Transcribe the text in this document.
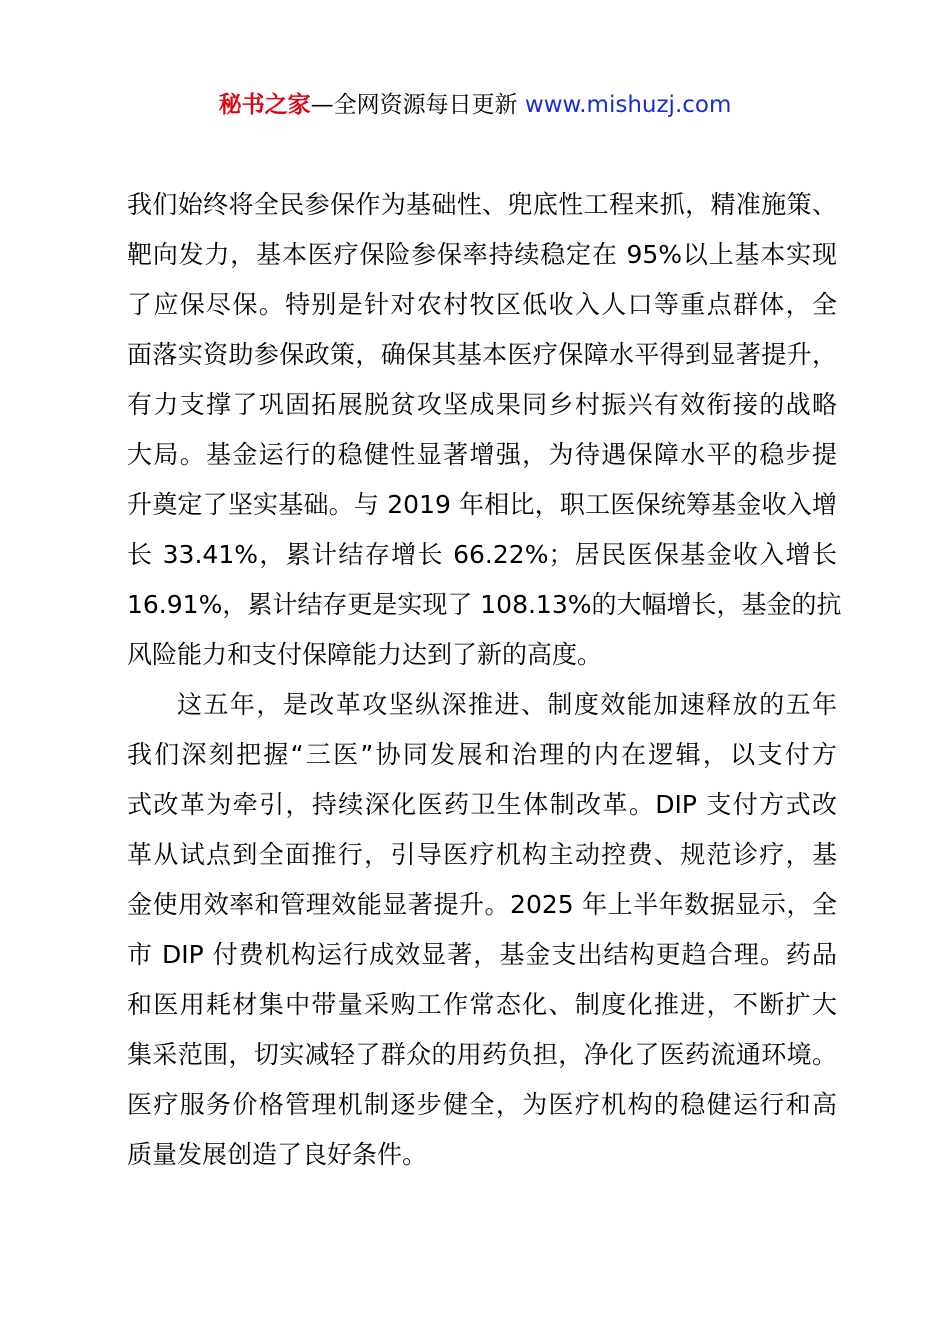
秘书之家—全网资源每日更新 www.mishuzj.com
我们始终将全民参保作为基础性、兜底性工程来抓，精准施策、
靶向发力，基本医疗保险参保率持续稳定在 95%以上基本实现
了应保尽保。特别是针对农村牧区低收入人口等重点群体，全
面落实资助参保政策，确保其基本医疗保障水平得到显著提升，
有力支撑了巩固拓展脱贫攻坚成果同乡村振兴有效衔接的战略
大局。基金运行的稳健性显著增强，为待遇保障水平的稳步提
升奠定了坚实基础。与 2019 年相比，职工医保统筹基金收入增
长 33.41%，累计结存增长 66.22%；居民医保基金收入增长
16.91%，累计结存更是实现了 108.13%的大幅增长，基金的抗
风险能力和支付保障能力达到了新的高度。
这五年，是改革攻坚纵深推进、制度效能加速释放的五年
我们深刻把握“三医”协同发展和治理的内在逻辑，以支付方
式改革为牵引，持续深化医药卫生体制改革。DIP 支付方式改
革从试点到全面推行，引导医疗机构主动控费、规范诊疗，基
金使用效率和管理效能显著提升。2025 年上半年数据显示，全
市 DIP 付费机构运行成效显著，基金支出结构更趋合理。药品
和医用耗材集中带量采购工作常态化、制度化推进，不断扩大
集采范围，切实减轻了群众的用药负担，净化了医药流通环境。
医疗服务价格管理机制逐步健全，为医疗机构的稳健运行和高
质量发展创造了良好条件。
